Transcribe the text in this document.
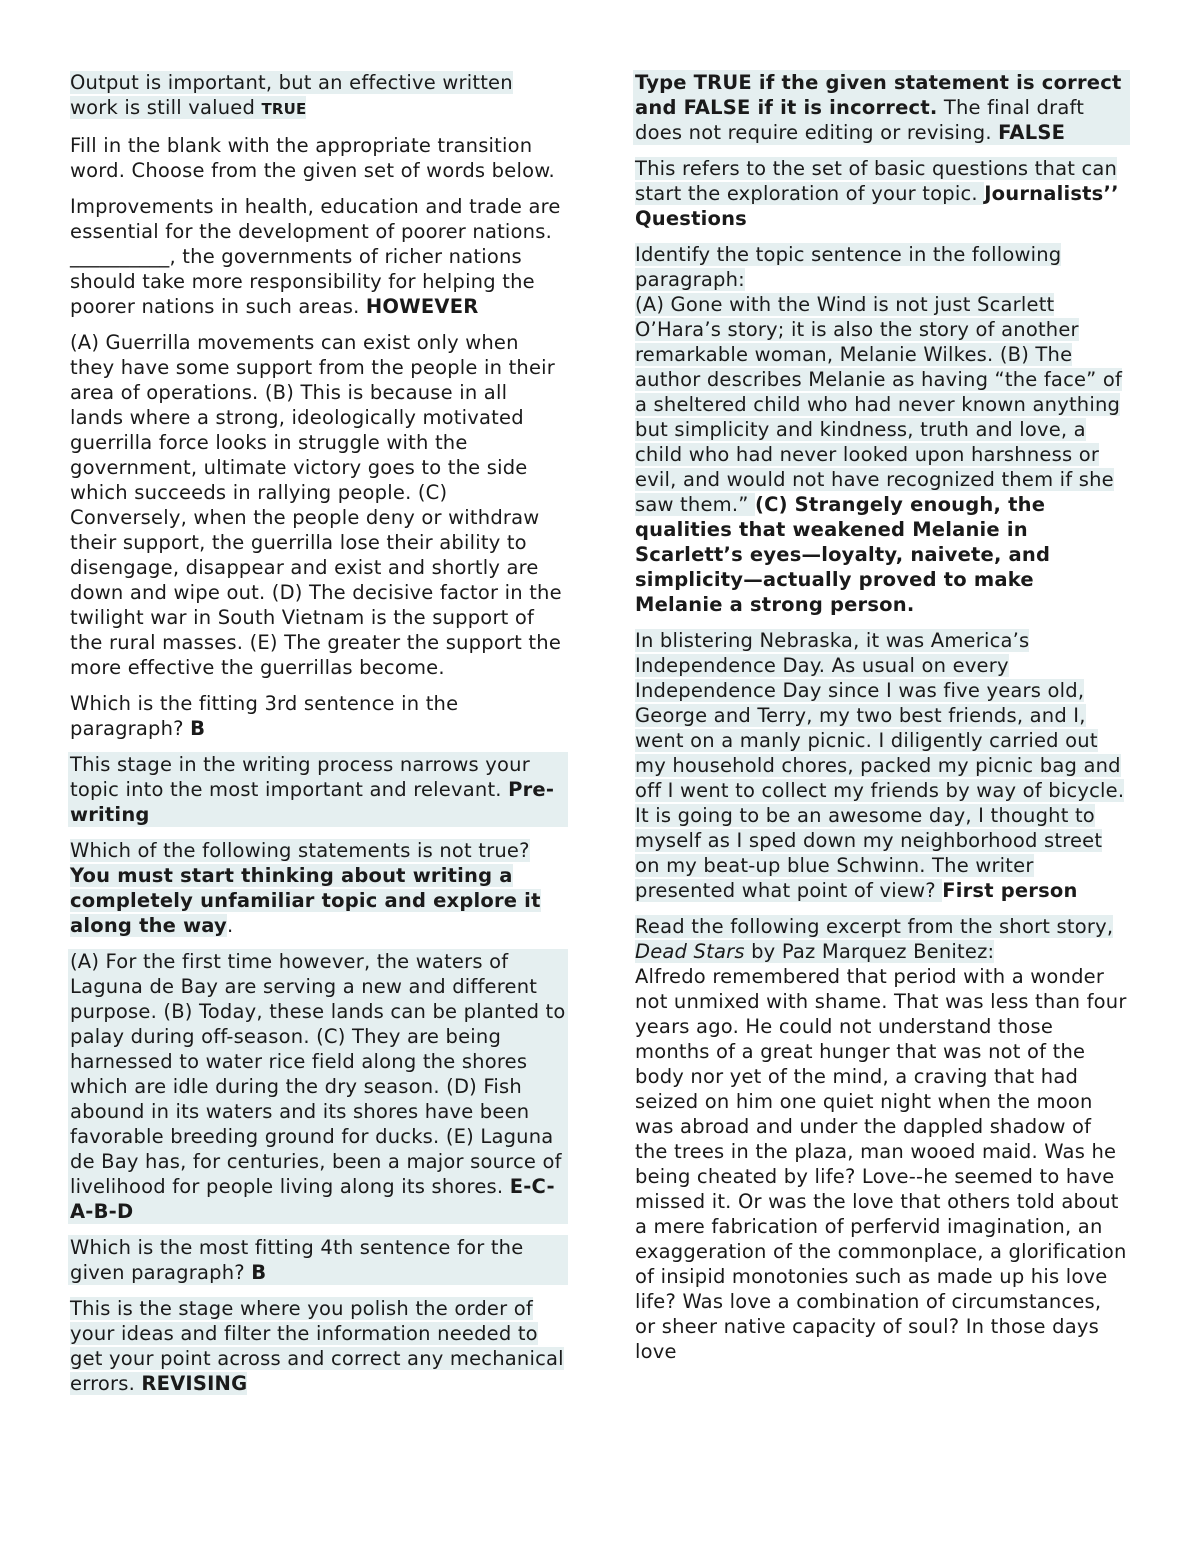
Output is important, but an effective written work is still valued TRUE

Fill in the blank with the appropriate transition word. Choose from the given set of words below.

Improvements in health, education and trade are essential for the development of poorer nations. __________, the governments of richer nations should take more responsibility for helping the poorer nations in such areas. HOWEVER

(A) Guerrilla movements can exist only when they have some support from the people in their area of operations. (B) This is because in all lands where a strong, ideologically motivated guerrilla force looks in struggle with the government, ultimate victory goes to the side which succeeds in rallying people. (C) Conversely, when the people deny or withdraw their support, the guerrilla lose their ability to disengage, disappear and exist and shortly are down and wipe out. (D) The decisive factor in the twilight war in South Vietnam is the support of the rural masses. (E) The greater the support the more effective the guerrillas become.

Which is the fitting 3rd sentence in the paragraph? B

This stage in the writing process narrows your topic into the most important and relevant. Pre-writing

Which of the following statements is not true? You must start thinking about writing a completely unfamiliar topic and explore it along the way.

(A) For the first time however, the waters of Laguna de Bay are serving a new and different purpose. (B) Today, these lands can be planted to palay during off-season. (C) They are being harnessed to water rice field along the shores which are idle during the dry season. (D) Fish abound in its waters and its shores have been favorable breeding ground for ducks. (E) Laguna de Bay has, for centuries, been a major source of livelihood for people living along its shores. E-C-A-B-D

Which is the most fitting 4th sentence for the given paragraph? B

This is the stage where you polish the order of your ideas and filter the information needed to get your point across and correct any mechanical errors. REVISING

Type TRUE if the given statement is correct and FALSE if it is incorrect. The final draft does not require editing or revising. FALSE

This refers to the set of basic questions that can start the exploration of your topic. Journalists’’ Questions

Identify the topic sentence in the following paragraph:
(A) Gone with the Wind is not just Scarlett O’Hara’s story; it is also the story of another remarkable woman, Melanie Wilkes. (B) The author describes Melanie as having “the face” of a sheltered child who had never known anything but simplicity and kindness, truth and love, a child who had never looked upon harshness or evil, and would not have recognized them if she saw them.” (C) Strangely enough, the qualities that weakened Melanie in Scarlett’s eyes—loyalty, naivete, and simplicity—actually proved to make Melanie a strong person.

In blistering Nebraska, it was America’s Independence Day. As usual on every Independence Day since I was five years old, George and Terry, my two best friends, and I, went on a manly picnic. I diligently carried out my household chores, packed my picnic bag and off I went to collect my friends by way of bicycle. It is going to be an awesome day, I thought to myself as I sped down my neighborhood street on my beat-up blue Schwinn. The writer presented what point of view? First person

Read the following excerpt from the short story, Dead Stars by Paz Marquez Benitez:
Alfredo remembered that period with a wonder not unmixed with shame. That was less than four years ago. He could not understand those months of a great hunger that was not of the body nor yet of the mind, a craving that had seized on him one quiet night when the moon was abroad and under the dappled shadow of the trees in the plaza, man wooed maid. Was he being cheated by life? Love--he seemed to have missed it. Or was the love that others told about a mere fabrication of perfervid imagination, an exaggeration of the commonplace, a glorification of insipid monotonies such as made up his love life? Was love a combination of circumstances, or sheer native capacity of soul? In those days love
